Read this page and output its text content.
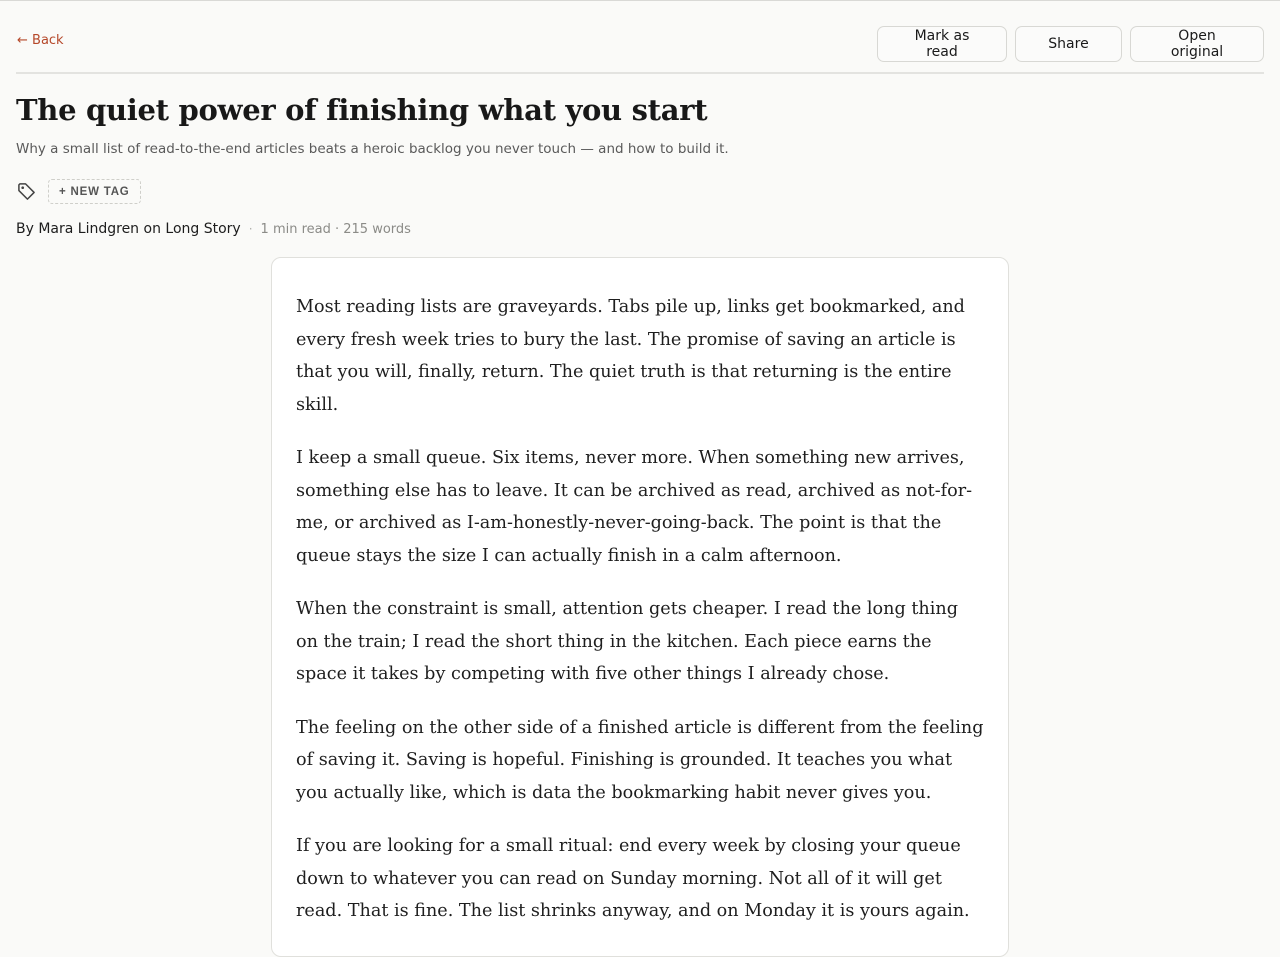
← Back	Mark as read	Share	Open original
The quiet power of finishing what you start

Why a small list of read-to-the-end articles beats a heroic backlog you never touch — and how to build it.

+ NEW TAG
By Mara Lindgren on Long Story · 1 min read · 215 words

Most reading lists are graveyards. Tabs pile up, links get bookmarked, and every fresh week tries to bury the last. The promise of saving an article is that you will, finally, return. The quiet truth is that returning is the entire skill.

I keep a small queue. Six items, never more. When something new arrives, something else has to leave. It can be archived as read, archived as not-for-me, or archived as I-am-honestly-never-going-back. The point is that the queue stays the size I can actually finish in a calm afternoon.

When the constraint is small, attention gets cheaper. I read the long thing on the train; I read the short thing in the kitchen. Each piece earns the space it takes by competing with five other things I already chose.

The feeling on the other side of a finished article is different from the feeling of saving it. Saving is hopeful. Finishing is grounded. It teaches you what you actually like, which is data the bookmarking habit never gives you.

If you are looking for a small ritual: end every week by closing your queue down to whatever you can read on Sunday morning. Not all of it will get read. That is fine. The list shrinks anyway, and on Monday it is yours again.
